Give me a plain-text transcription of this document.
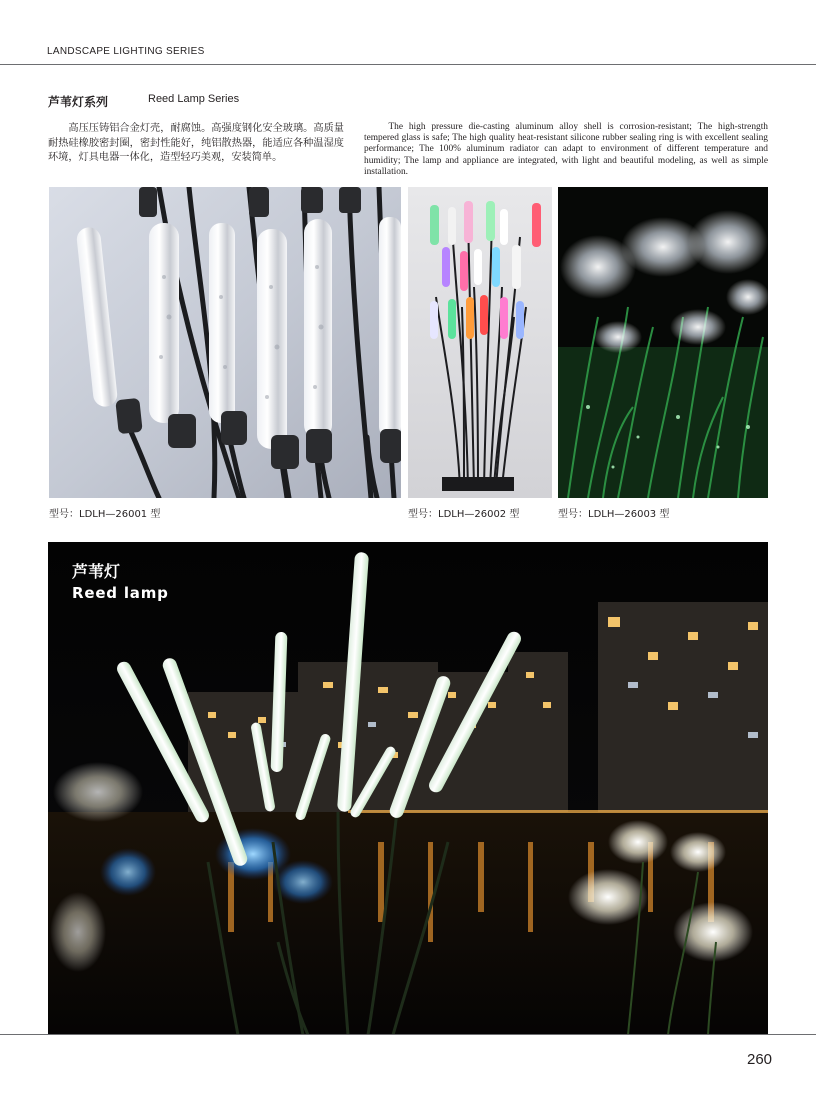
LANDSCAPE LIGHTING SERIES
芦苇灯系列	Reed Lamp Series
高压压铸铝合金灯壳，耐腐蚀。高强度钢化安全玻璃。高质量耐热硅橡胶密封圈，密封性能好，纯铝散热器，能适应各种温湿度环境，灯具电器一体化，造型轻巧美观，安装简单。
The high pressure die-casting aluminum alloy shell is corrosion-resistant; The high-strength tempered glass is safe; The high quality heat-resistant silicone rubber sealing ring is with excellent sealing performance; The 100% aluminum radiator can adapt to environment of different temperature and humidity; The lamp and appliance are integrated, with light and beautiful modeling, as well as simple installation.
型号：LDLH—26001 型	型号：LDLH—26002 型	型号：LDLH—26003 型
芦苇灯
Reed lamp
260
